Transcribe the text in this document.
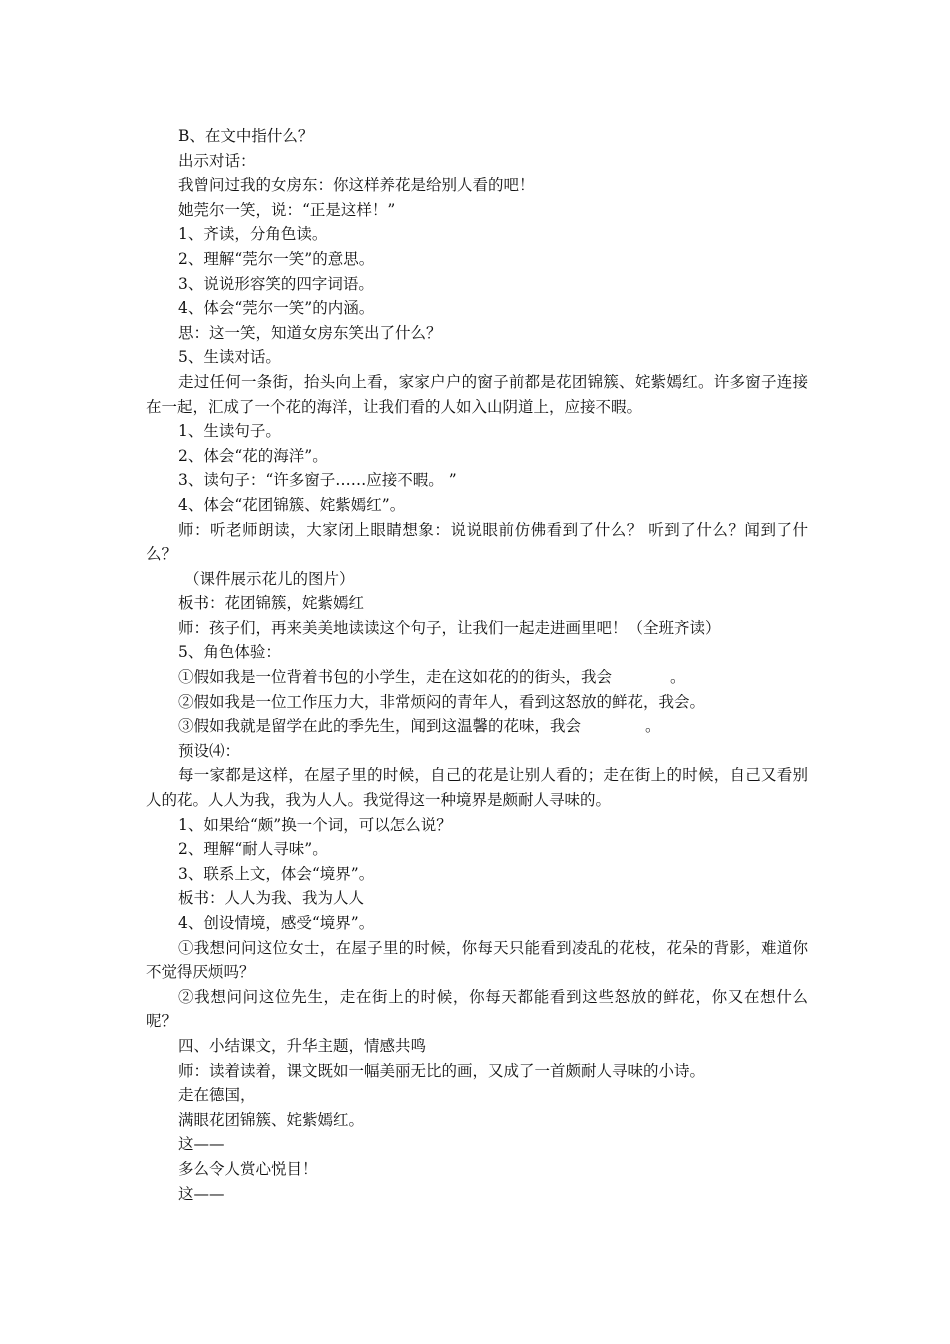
B、在文中指什么？
出示对话：
我曾问过我的女房东：你这样养花是给别人看的吧！
她莞尔一笑，说：“正是这样！”
1、齐读，分角色读。
2、理解“莞尔一笑”的意思。
3、说说形容笑的四字词语。
4、体会“莞尔一笑”的内涵。
思：这一笑，知道女房东笑出了什么？
5、生读对话。
走过任何一条街，抬头向上看，家家户户的窗子前都是花团锦簇、姹紫嫣红。许多窗子连接在一起，汇成了一个花的海洋，让我们看的人如入山阴道上，应接不暇。
1、生读句子。
2、体会“花的海洋”。
3、读句子：“许多窗子……应接不暇。 ”
4、体会“花团锦簇、姹紫嫣红”。
师：听老师朗读，大家闭上眼睛想象：说说眼前仿佛看到了什么？ 听到了什么？闻到了什么？
（课件展示花儿的图片）
板书：花团锦簇，姹紫嫣红
师：孩子们，再来美美地读读这个句子，让我们一起走进画里吧！（全班齐读）
5、角色体验：
①假如我是一位背着书包的小学生，走在这如花的的街头，我会	。
②假如我是一位工作压力大，非常烦闷的青年人，看到这怒放的鲜花，我会。
③假如我就是留学在此的季先生，闻到这温馨的花味，我会	。
预设⑷：
每一家都是这样，在屋子里的时候，自己的花是让别人看的；走在街上的时候，自己又看别人的花。人人为我，我为人人。我觉得这一种境界是颇耐人寻味的。
1、如果给“颇”换一个词，可以怎么说？
2、理解“耐人寻味”。
3、联系上文，体会“境界”。
板书：人人为我、我为人人
4、创设情境，感受“境界”。
①我想问问这位女士，在屋子里的时候，你每天只能看到凌乱的花枝，花朵的背影，难道你不觉得厌烦吗？
②我想问问这位先生，走在街上的时候，你每天都能看到这些怒放的鲜花，你又在想什么呢？
四、小结课文，升华主题，情感共鸣
师：读着读着，课文既如一幅美丽无比的画，又成了一首颇耐人寻味的小诗。
走在德国，
满眼花团锦簇、姹紫嫣红。
这——
多么令人赏心悦目！
这——
